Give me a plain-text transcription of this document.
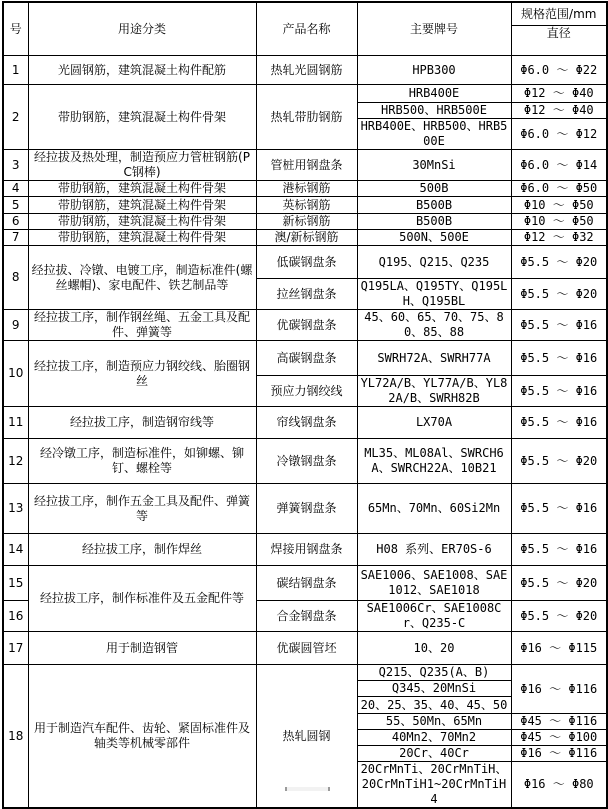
号	用途分类	产品名称	主要牌号	规格范围/mm
				直径
1	光圆钢筋，建筑混凝土构件配筋	热轧光圆钢筋	HPB300	Φ6.0 ～ Φ22
2	带肋钢筋，建筑混凝土构件骨架	热轧带肋钢筋	HRB400E	Φ12 ～ Φ40
			HRB500、HRB500E	Φ12 ～ Φ40
			HRB400E、HRB500、HRB500E	Φ6.0 ～ Φ12
3	经拉拔及热处理，制造预应力管桩钢筋(PC钢棒)	管桩用钢盘条	30MnSi	Φ6.0 ～ Φ14
4	带肋钢筋，建筑混凝土构件骨架	港标钢筋	500B	Φ6.0 ～ Φ50
5	带肋钢筋，建筑混凝土构件骨架	英标钢筋	B500B	Φ10 ～ Φ50
6	带肋钢筋，建筑混凝土构件骨架	新标钢筋	B500B	Φ10 ～ Φ50
7	带肋钢筋，建筑混凝土构件骨架	澳/新标钢筋	500N、500E	Φ12 ～ Φ32
8	经拉拔、冷镦、电镀工序，制造标准件(螺丝螺帽)、家电配件、铁艺制品等	低碳钢盘条	Q195、Q215、Q235	Φ5.5 ～ Φ20
		拉丝钢盘条	Q195LA、Q195TY、Q195LH、Q195BL	Φ5.5 ～ Φ20
9	经拉拔工序，制作钢丝绳、五金工具及配件、弹簧等	优碳钢盘条	45、60、65、70、75、80、85、88	Φ5.5 ～ Φ16
10	经拉拔工序，制造预应力钢绞线、胎圈钢丝	高碳钢盘条	SWRH72A、SWRH77A	Φ5.5 ～ Φ16
		预应力钢绞线	YL72A/B、YL77A/B、YL82A/B、SWRH82B	Φ5.5 ～ Φ16
11	经拉拔工序，制造钢帘线等	帘线钢盘条	LX70A	Φ5.5 ～ Φ16
12	经冷镦工序，制造标准件，如铆螺、铆钉、螺栓等	冷镦钢盘条	ML35、ML08Al、SWRCH6A、SWRCH22A、10B21	Φ5.5 ～ Φ20
13	经拉拔工序，制作五金工具及配件、弹簧等	弹簧钢盘条	65Mn、70Mn、60Si2Mn	Φ5.5 ～ Φ16
14	经拉拔工序，制作焊丝	焊接用钢盘条	H08 系列、ER70S-6	Φ5.5 ～ Φ16
15	经拉拔工序，制作标准件及五金配件等	碳结钢盘条	SAE1006、SAE1008、SAE1012、SAE1018	Φ5.5 ～ Φ20
16		合金钢盘条	SAE1006Cr、SAE1008Cr、Q235-C	Φ5.5 ～ Φ20
17	用于制造钢管	优碳圆管坯	10、20	Φ16 ～ Φ115
18	用于制造汽车配件、齿轮、紧固标准件及轴类等机械零部件	热轧圆钢	Q215、Q235(A、B)	Φ16 ～ Φ116
			Q345、20MnSi	
			20、25、35、40、45、50	
			55、50Mn、65Mn	Φ45 ～ Φ116
			40Mn2、70Mn2	Φ45 ～ Φ100
			20Cr、40Cr	Φ16 ～ Φ116
			20CrMnTi、20CrMnTiH、20CrMnTiH1~20CrMnTiH4	Φ16 ～ Φ80
